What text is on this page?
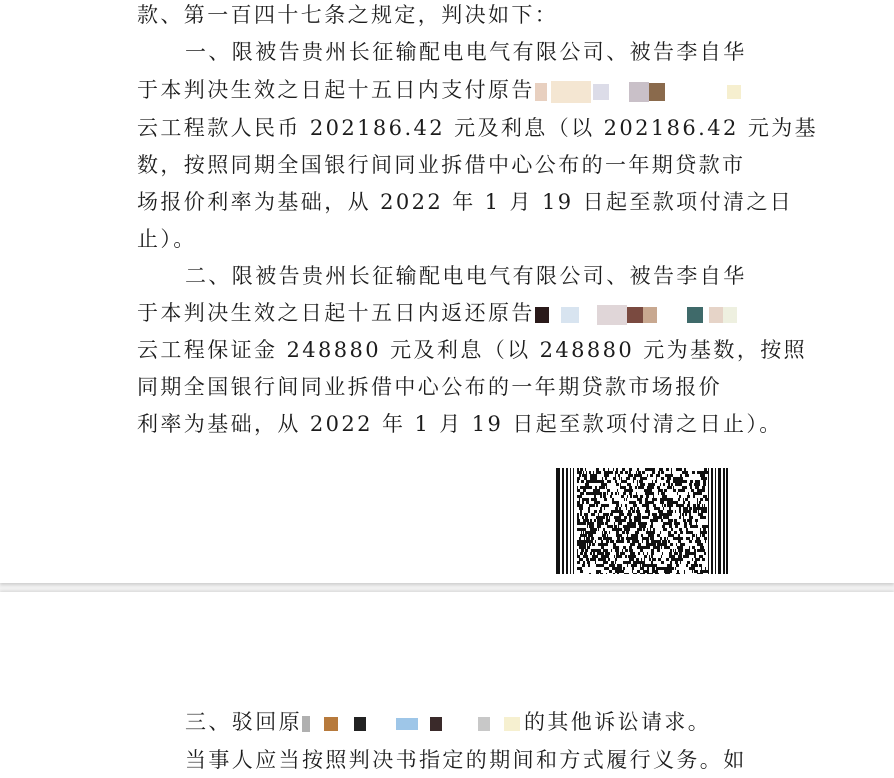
款、第一百四十七条之规定，判决如下：
一、限被告贵州长征输配电电气有限公司、被告李自华
于本判决生效之日起十五日内支付原告
云工程款人民币 202186.42 元及利息（以 202186.42 元为基
数，按照同期全国银行间同业拆借中心公布的一年期贷款市
场报价利率为基础，从 2022 年 1 月 19 日起至款项付清之日
止）。
二、限被告贵州长征输配电电气有限公司、被告李自华
于本判决生效之日起十五日内返还原告
云工程保证金 248880 元及利息（以 248880 元为基数，按照
同期全国银行间同业拆借中心公布的一年期贷款市场报价
利率为基础，从 2022 年 1 月 19 日起至款项付清之日止）。
三、驳回原	的其他诉讼请求。
当事人应当按照判决书指定的期间和方式履行义务。如
